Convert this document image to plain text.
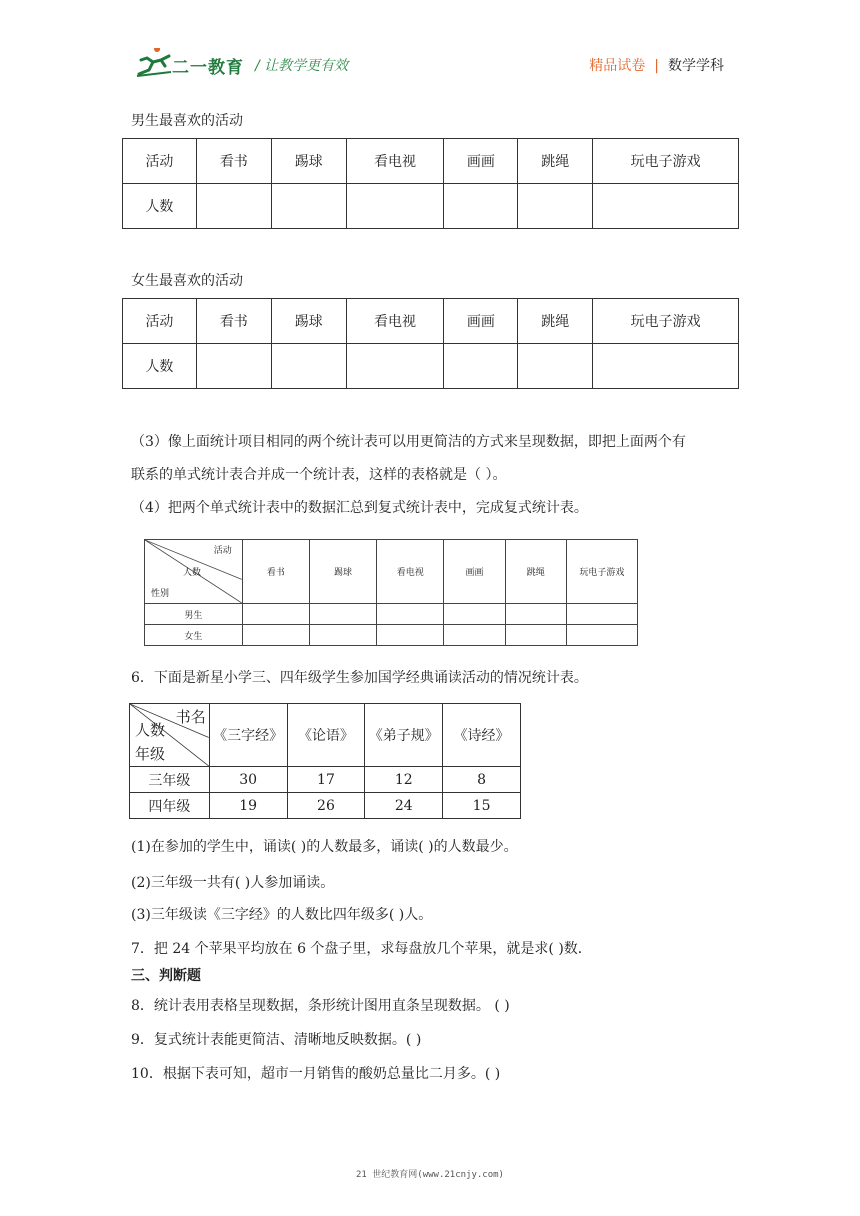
二一教育 / 让教学更有效	精品试卷 | 数学学科
男生最喜欢的活动
活动	看书	踢球	看电视	画画	跳绳	玩电子游戏
人数						
女生最喜欢的活动
活动	看书	踢球	看电视	画画	跳绳	玩电子游戏
人数						
（3）像上面统计项目相同的两个统计表可以用更简洁的方式来呈现数据，即把上面两个有
联系的单式统计表合并成一个统计表，这样的表格就是（ ）。
（4）把两个单式统计表中的数据汇总到复式统计表中，完成复式统计表。
活动
人数
性别	看书	踢球	看电视	画画	跳绳	玩电子游戏
男生						
女生						
6．下面是新星小学三、四年级学生参加国学经典诵读活动的情况统计表。
书名
人数
年级	《三字经》	《论语》	《弟子规》	《诗经》
三年级	30	17	12	8
四年级	19	26	24	15
(1)在参加的学生中，诵读( )的人数最多，诵读( )的人数最少。
(2)三年级一共有( )人参加诵读。
(3)三年级读《三字经》的人数比四年级多( )人。
7．把 24 个苹果平均放在 6 个盘子里，求每盘放几个苹果，就是求( )数．
三、判断题
8．统计表用表格呈现数据，条形统计图用直条呈现数据。 ( )
9．复式统计表能更简洁、清晰地反映数据。( )
10．根据下表可知，超市一月销售的酸奶总量比二月多。( )
21 世纪教育网(www.21cnjy.com)
